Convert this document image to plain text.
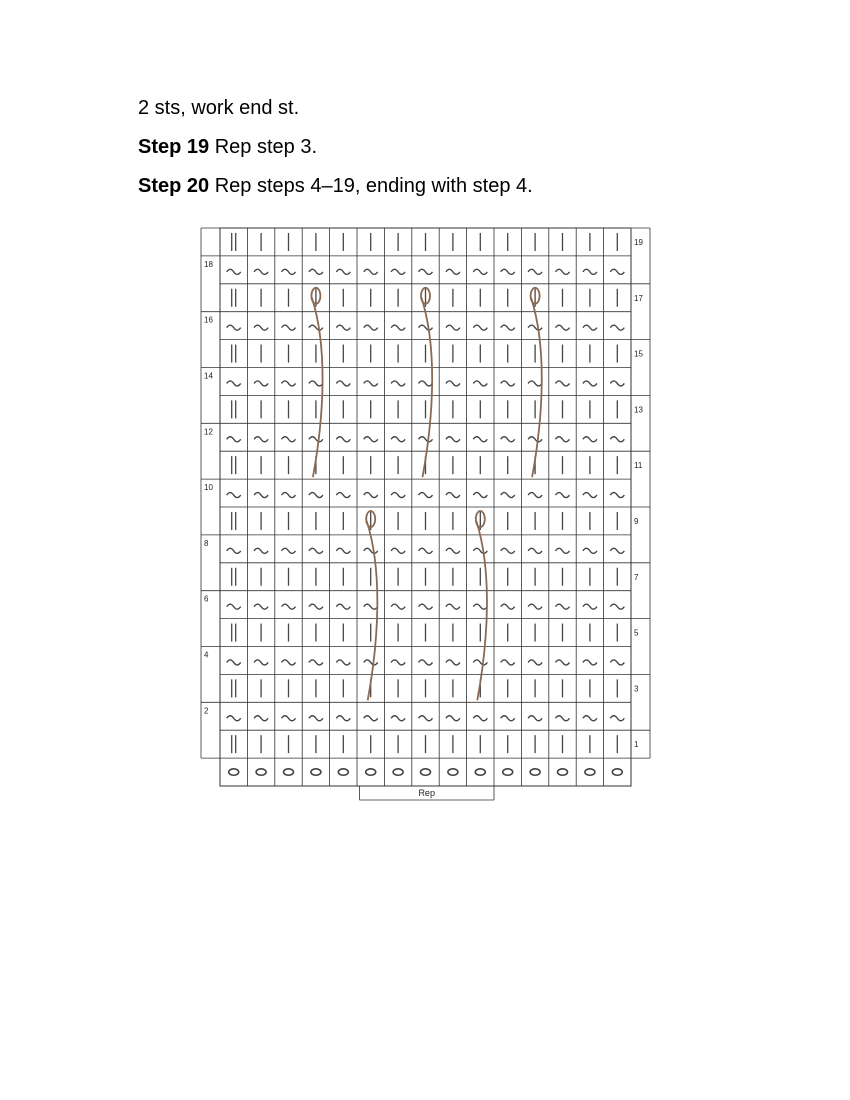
2 sts, work end st.

Step 19 Rep step 3.

Step 20 Rep steps 4–19, ending with step 4.

19
17
15
13
11
9
7
5
3
1
18
16
14
12
10
8
6
4
2
Rep
